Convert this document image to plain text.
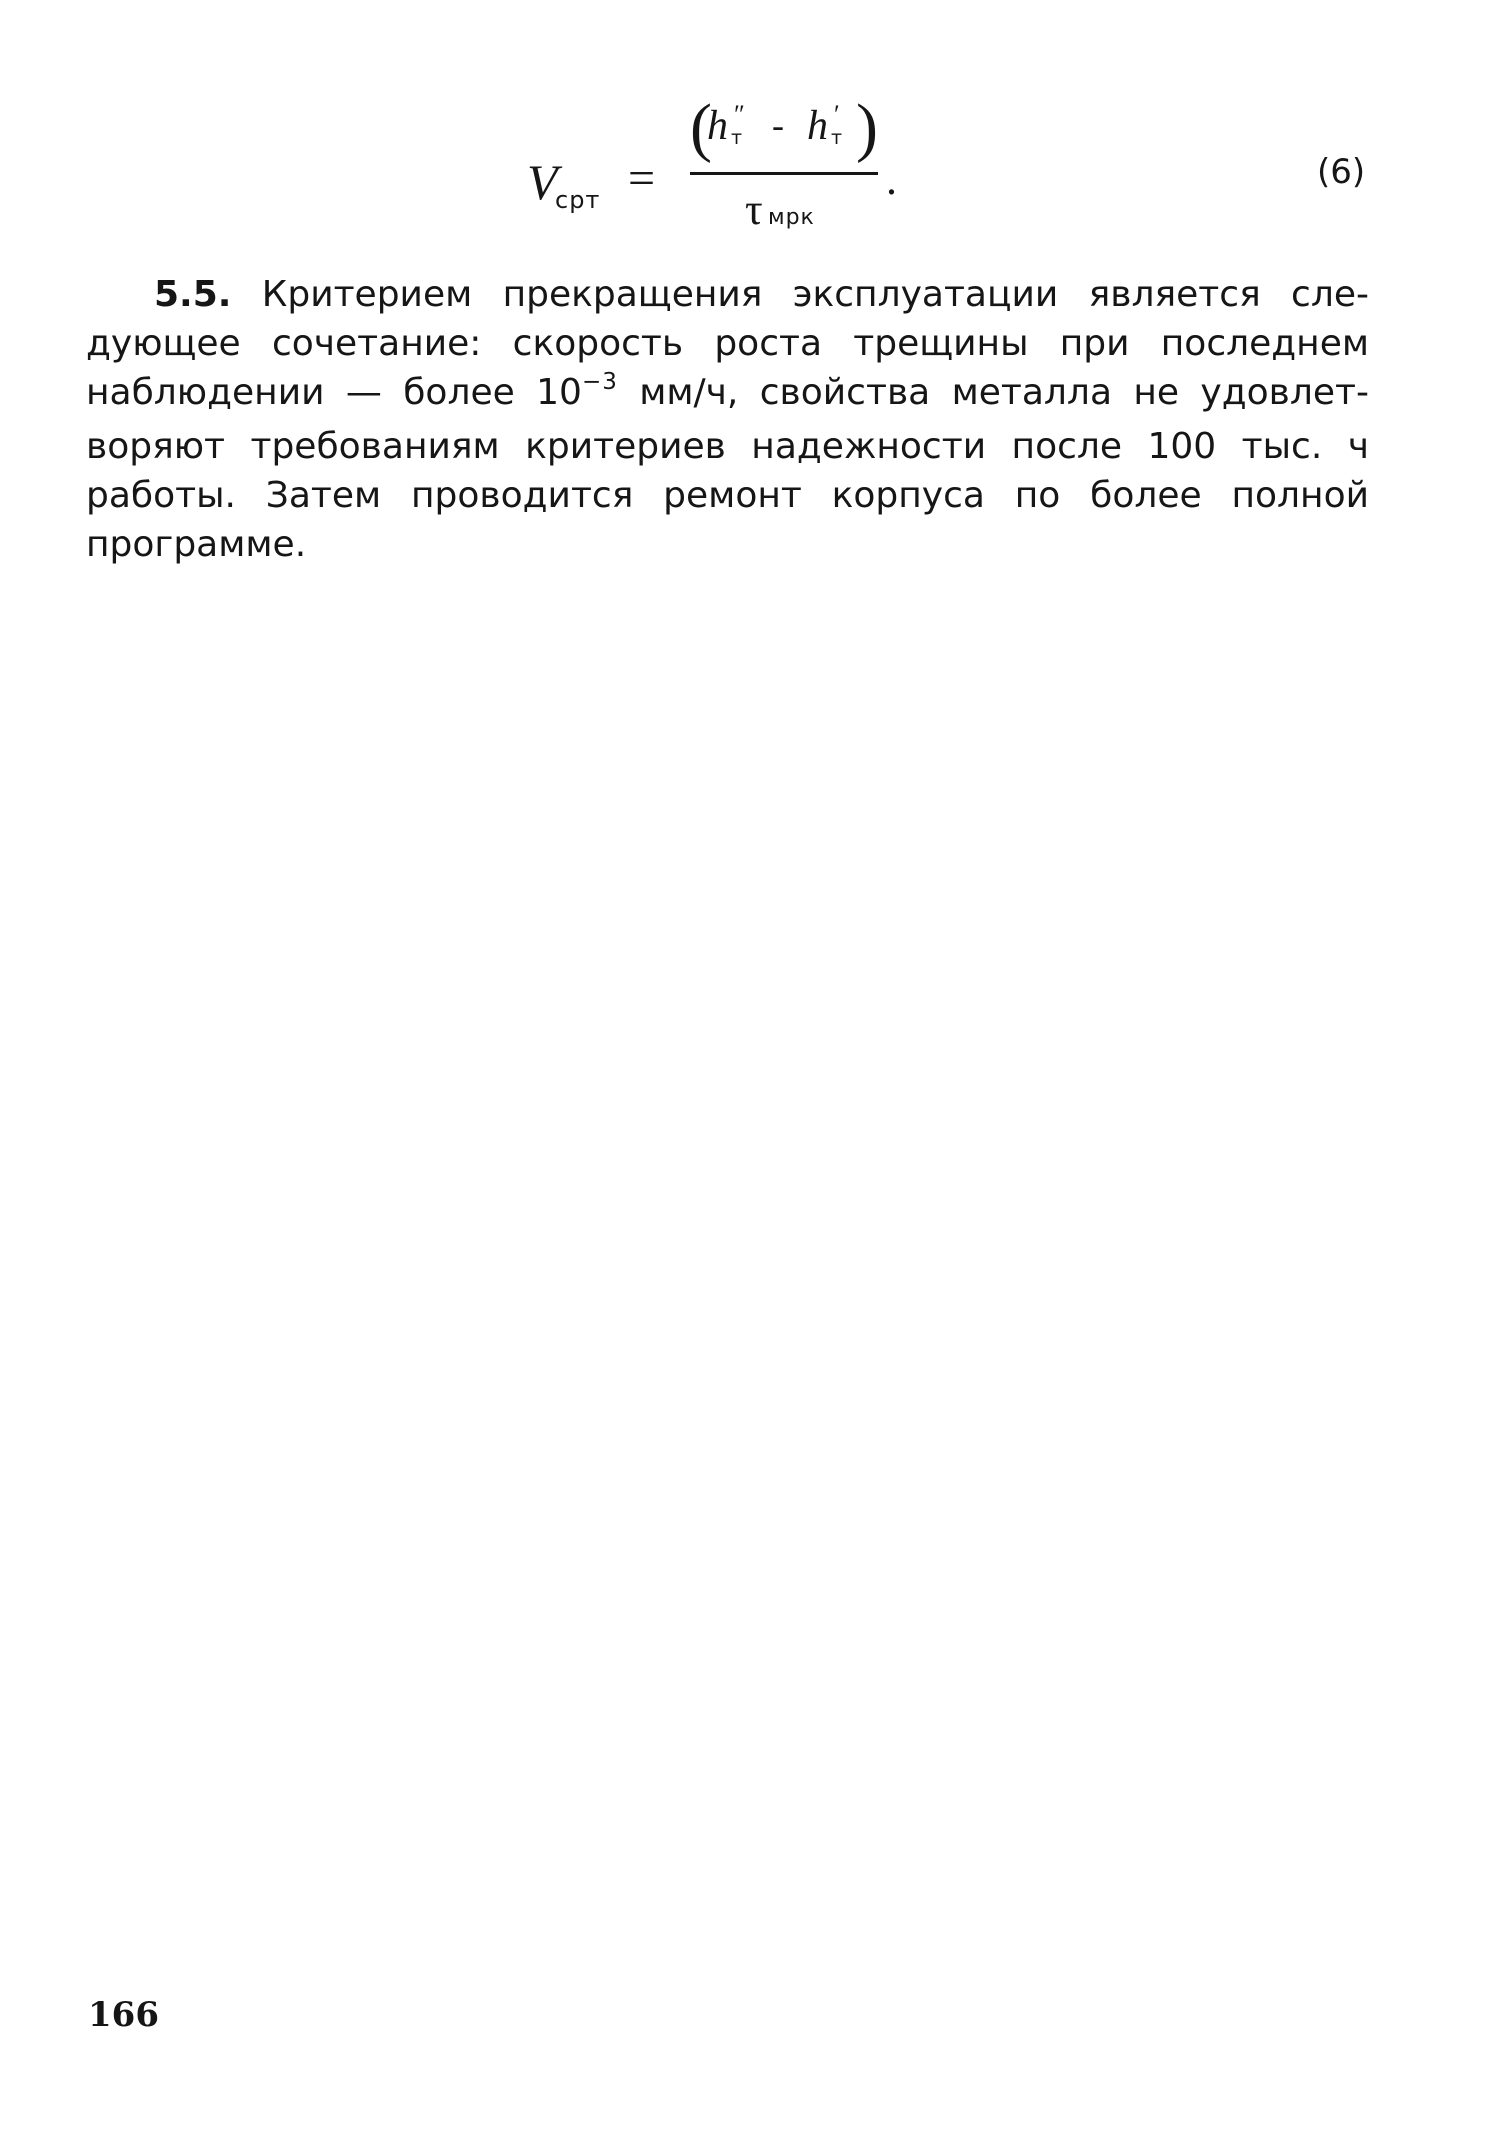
V
срт =
(
h ″
т - h ′
т )
τ мрк
.	(6)
5.5. Критерием прекращения эксплуатации является сле-
дующее сочетание: скорость роста трещины при последнем
наблюдении — более $10^{-3}$ мм/ч, свойства металла не удовлет-
воряют требованиям критериев надежности после 100 тыс. ч
работы. Затем проводится ремонт корпуса по более полной
программе.
166
